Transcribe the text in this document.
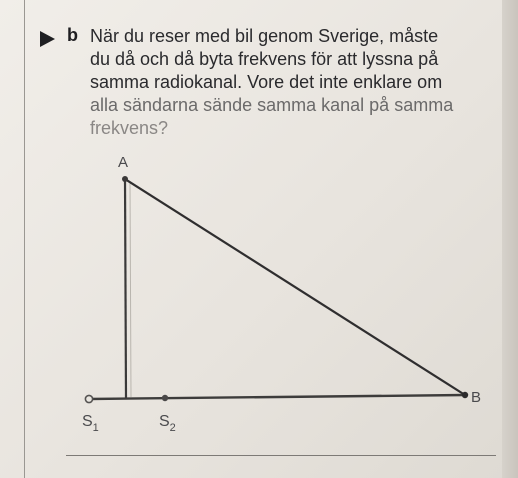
b När du reser med bil genom Sverige, måste
du då och då byta frekvens för att lyssna på
samma radiokanal. Vore det inte enklare om
alla sändarna sände samma kanal på samma
frekvens?

A
B
$S_1$	$S_2$
